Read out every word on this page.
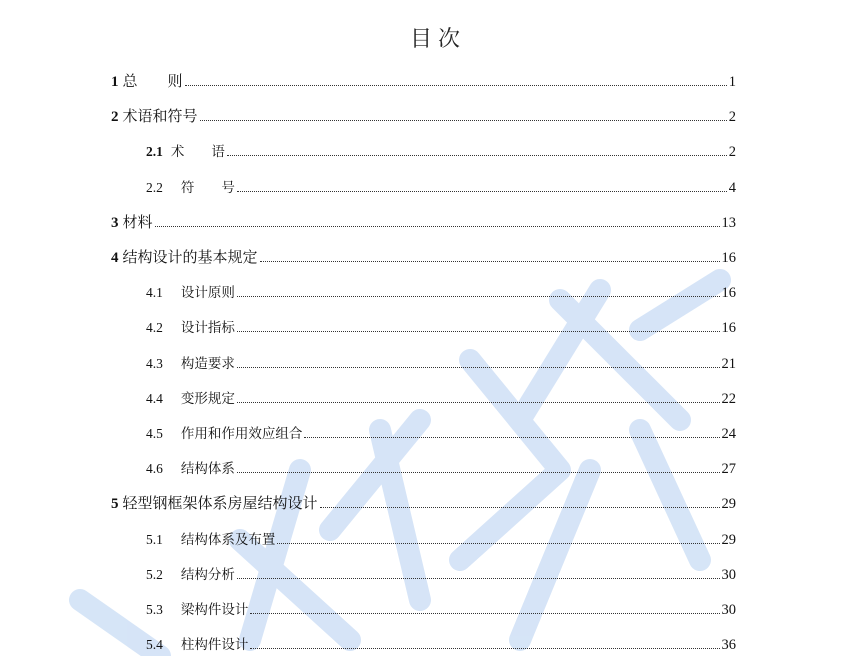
目次
1 总　　则	1
2 术语和符号	2
2.1 术　　语	2
2.2 符　　号	4
3 材料	13
4 结构设计的基本规定	16
4.1 设计原则	16
4.2 设计指标	16
4.3 构造要求	21
4.4 变形规定	22
4.5 作用和作用效应组合	24
4.6 结构体系	27
5 轻型钢框架体系房屋结构设计	29
5.1 结构体系及布置	29
5.2 结构分析	30
5.3 梁构件设计	30
5.4 柱构件设计	36
